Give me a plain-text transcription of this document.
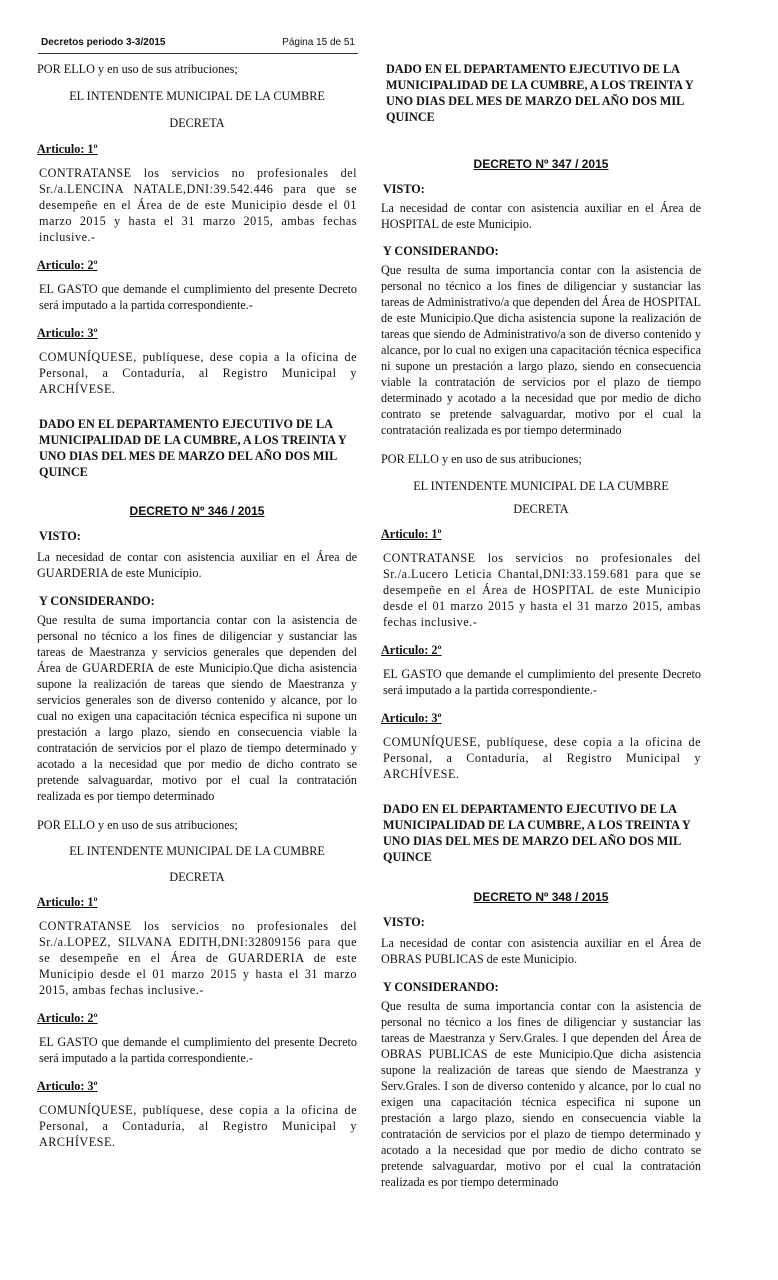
Decretos periodo 3-3/2015	Página 15 de 51

POR ELLO y en uso de sus atribuciones;

EL INTENDENTE MUNICIPAL DE LA CUMBRE

DECRETA

Articulo: 1º

CONTRATANSE los servicios no profesionales del Sr./a.LENCINA NATALE,DNI:39.542.446 para que se desempeñe en el Área de de este Municipio desde el 01 marzo 2015 y hasta el 31 marzo 2015, ambas fechas inclusive.-

Articulo: 2º

EL GASTO que demande el cumplimiento del presente Decreto será imputado a la partida correspondiente.-

Articulo: 3º

COMUNÍQUESE, publíquese, dese copia a la oficina de Personal, a Contaduría, al Registro Municipal y ARCHÍVESE.

DADO EN EL DEPARTAMENTO EJECUTIVO DE LA MUNICIPALIDAD DE LA CUMBRE, A LOS TREINTA Y UNO DIAS DEL MES DE MARZO DEL AÑO DOS MIL QUINCE

DECRETO Nº 346 / 2015

VISTO:

La necesidad de contar con asistencia auxiliar en el Área de GUARDERIA de este Municipio.

Y CONSIDERANDO:

Que resulta de suma importancia contar con la asistencia de personal no técnico a los fines de diligenciar y sustanciar las tareas de Maestranza y servicios generales que dependen del Área de GUARDERIA de este Municipio.Que dicha asistencia supone la realización de tareas que siendo de Maestranza y servicios generales son de diverso contenido y alcance, por lo cual no exigen una capacitación técnica especifica ni supone un prestación a largo plazo, siendo en consecuencia viable la contratación de servicios por el plazo de tiempo determinado y acotado a la necesidad que por medio de dicho contrato se pretende salvaguardar, motivo por el cual la contratación realizada es por tiempo determinado

POR ELLO y en uso de sus atribuciones;

EL INTENDENTE MUNICIPAL DE LA CUMBRE

DECRETA

Articulo: 1º

CONTRATANSE los servicios no profesionales del Sr./a.LOPEZ, SILVANA EDITH,DNI:32809156 para que se desempeñe en el Área de GUARDERIA de este Municipio desde el 01 marzo 2015 y hasta el 31 marzo 2015, ambas fechas inclusive.-

Articulo: 2º

EL GASTO que demande el cumplimiento del presente Decreto será imputado a la partida correspondiente.-

Articulo: 3º

COMUNÍQUESE, publíquese, dese copia a la oficina de Personal, a Contaduría, al Registro Municipal y ARCHÍVESE.

DADO EN EL DEPARTAMENTO EJECUTIVO DE LA MUNICIPALIDAD DE LA CUMBRE, A LOS TREINTA Y UNO DIAS DEL MES DE MARZO DEL AÑO DOS MIL QUINCE

DECRETO Nº 347 / 2015

VISTO:

La necesidad de contar con asistencia auxiliar en el Área de HOSPITAL de este Municipio.

Y CONSIDERANDO:

Que resulta de suma importancia contar con la asistencia de personal no técnico a los fines de diligenciar y sustanciar las tareas de Administrativo/a que dependen del Área de HOSPITAL de este Municipio.Que dicha asistencia supone la realización de tareas que siendo de Administrativo/a son de diverso contenido y alcance, por lo cual no exigen una capacitación técnica especifica ni supone un prestación a largo plazo, siendo en consecuencia viable la contratación de servicios por el plazo de tiempo determinado y acotado a la necesidad que por medio de dicho contrato se pretende salvaguardar, motivo por el cual la contratación realizada es por tiempo determinado

POR ELLO y en uso de sus atribuciones;

EL INTENDENTE MUNICIPAL DE LA CUMBRE

DECRETA

Articulo: 1º

CONTRATANSE los servicios no profesionales del Sr./a.Lucero Leticia Chantal,DNI:33.159.681 para que se desempeñe en el Área de HOSPITAL de este Municipio desde el 01 marzo 2015 y hasta el 31 marzo 2015, ambas fechas inclusive.-

Articulo: 2º

EL GASTO que demande el cumplimiento del presente Decreto será imputado a la partida correspondiente.-

Articulo: 3º

COMUNÍQUESE, publíquese, dese copia a la oficina de Personal, a Contaduría, al Registro Municipal y ARCHÍVESE.

DADO EN EL DEPARTAMENTO EJECUTIVO DE LA MUNICIPALIDAD DE LA CUMBRE, A LOS TREINTA Y UNO DIAS DEL MES DE MARZO DEL AÑO DOS MIL QUINCE

DECRETO Nº 348 / 2015

VISTO:

La necesidad de contar con asistencia auxiliar en el Área de OBRAS PUBLICAS de este Municipio.

Y CONSIDERANDO:

Que resulta de suma importancia contar con la asistencia de personal no técnico a los fines de diligenciar y sustanciar las tareas de Maestranza y Serv.Grales. I que dependen del Área de OBRAS PUBLICAS de este Municipio.Que dicha asistencia supone la realización de tareas que siendo de Maestranza y Serv.Grales. I son de diverso contenido y alcance, por lo cual no exigen una capacitación técnica especifica ni supone un prestación a largo plazo, siendo en consecuencia viable la contratación de servicios por el plazo de tiempo determinado y acotado a la necesidad que por medio de dicho contrato se pretende salvaguardar, motivo por el cual la contratación realizada es por tiempo determinado
